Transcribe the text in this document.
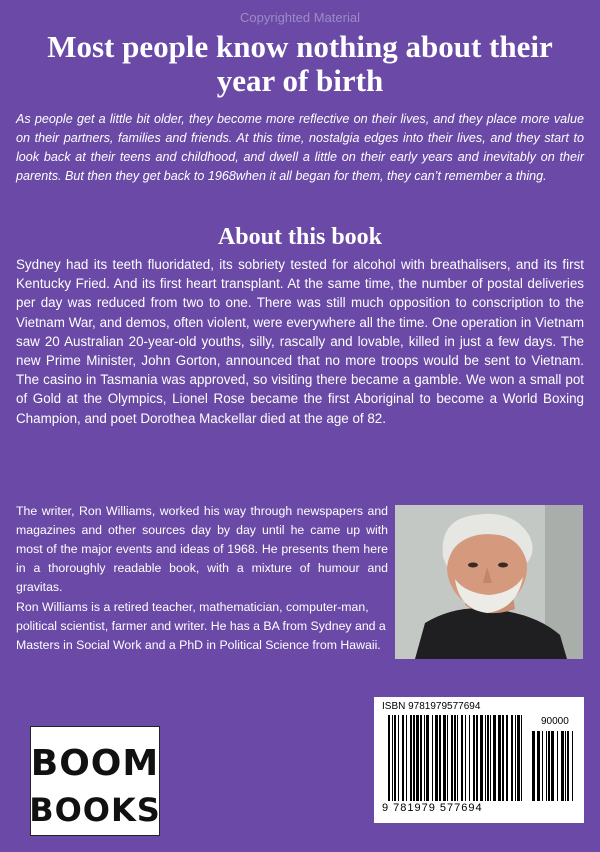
Copyrighted Material
Most people know nothing about their year of birth

As people get a little bit older, they become more reflective on their lives, and they place more value on their partners, families and friends. At this time, nostalgia edges into their lives, and they start to look back at their teens and childhood, and dwell a little on their early years and inevitably on their parents. But then they get back to 1968when it all began for them, they can’t remember a thing.

About this book

Sydney had its teeth fluoridated, its sobriety tested for alcohol with breathalisers, and its first Kentucky Fried. And its first heart transplant. At the same time, the number of postal deliveries per day was reduced from two to one. There was still much opposition to conscription to the Vietnam War, and demos, often violent, were everywhere all the time. One operation in Vietnam saw 20 Australian 20-year-old youths, silly, rascally and lovable, killed in just a few days. The new Prime Minister, John Gorton, announced that no more troops would be sent to Vietnam. The casino in Tasmania was approved, so visiting there became a gamble. We won a small pot of Gold at the Olympics, Lionel Rose became the first Aboriginal to become a World Boxing Champion, and poet Dorothea Mackellar died at the age of 82.

The writer, Ron Williams, worked his way through newspapers and magazines and other sources day by day until he came up with most of the major events and ideas of 1968. He presents them here in a thoroughly readable book, with a mixture of humour and gravitas.

Ron Williams is a retired teacher, mathematician, computer-man, political scientist, farmer and writer. He has a BA from Sydney and a Masters in Social Work and a PhD in Political Science from Hawaii.

BOOM
BOOKS
ISBN 9781979577694
90000
9 781979 577694
